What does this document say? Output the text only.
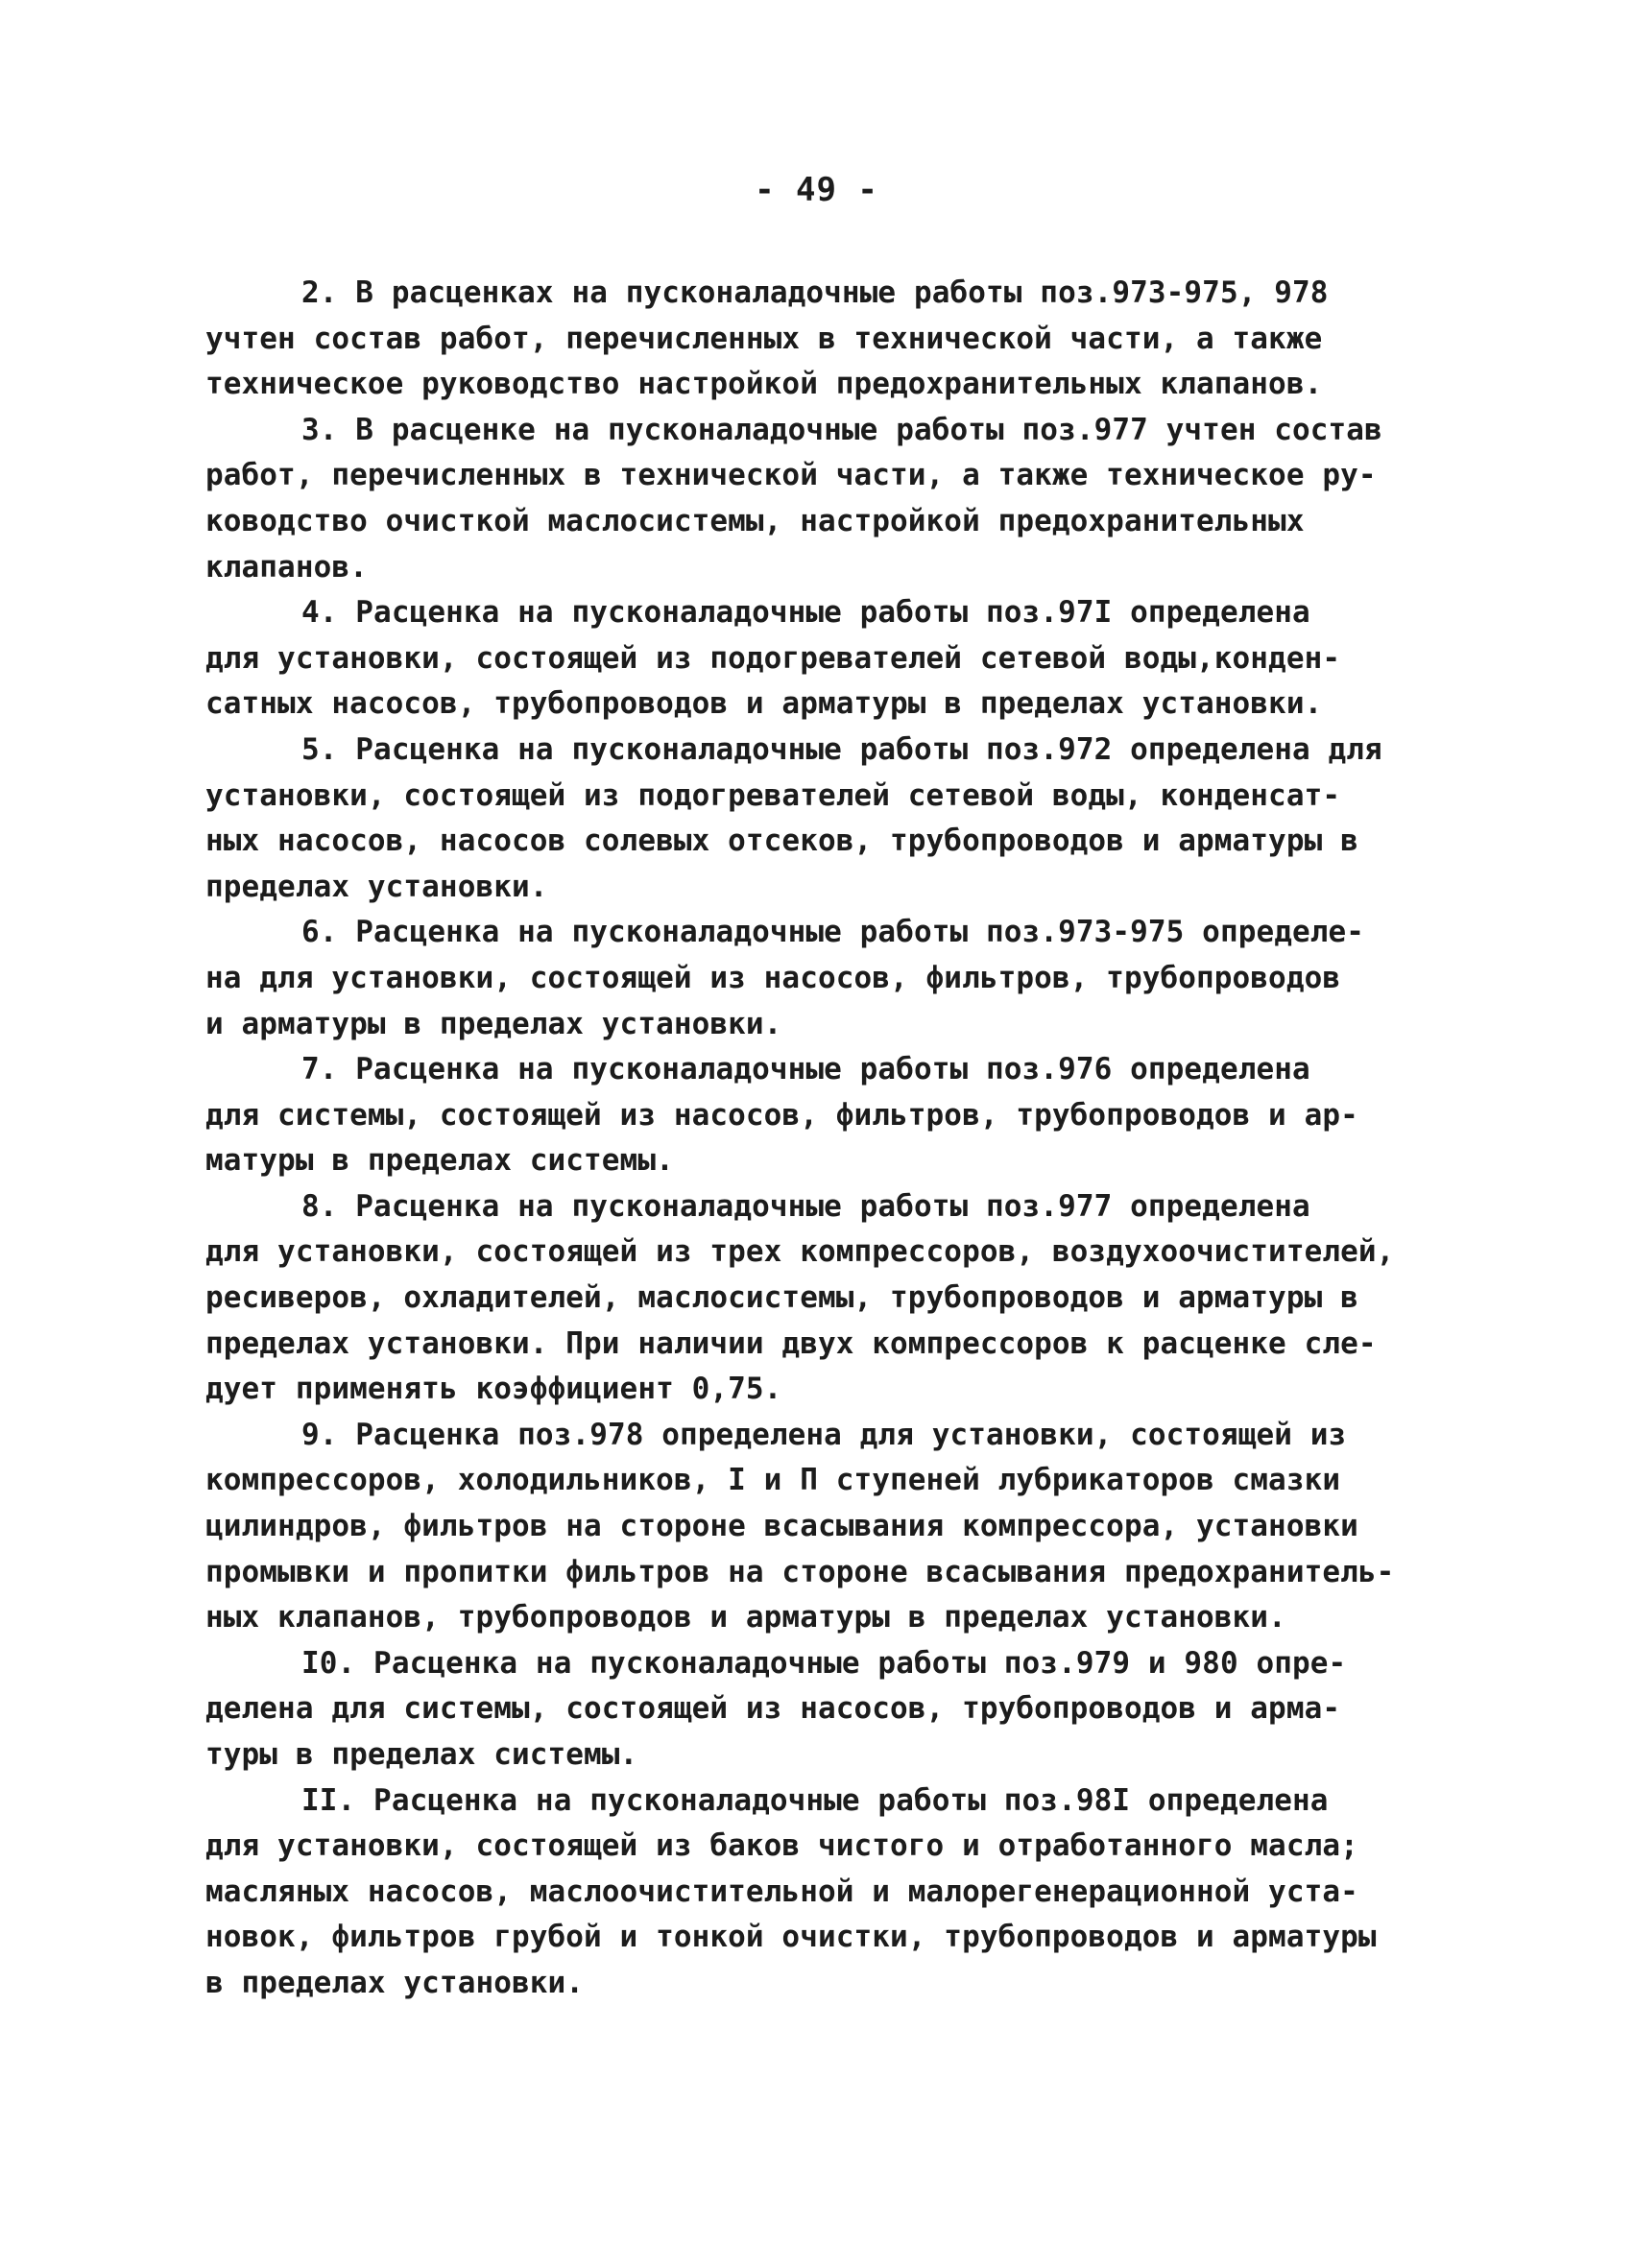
- 49 -
2. В расценках на пусконаладочные работы поз.973-975, 978
учтен состав работ, перечисленных в технической части, а также
техническое руководство настройкой предохранительных клапанов.
3. В расценке на пусконаладочные работы поз.977 учтен состав
работ, перечисленных в технической части, а также техническое ру-
ководство очисткой маслосистемы, настройкой предохранительных
клапанов.
4. Расценка на пусконаладочные работы поз.97I определена
для установки, состоящей из подогревателей сетевой воды,конден-
сатных насосов, трубопроводов и арматуры в пределах установки.
5. Расценка на пусконаладочные работы поз.972 определена для
установки, состоящей из подогревателей сетевой воды, конденсат-
ных насосов, насосов солевых отсеков, трубопроводов и арматуры в
пределах установки.
6. Расценка на пусконаладочные работы поз.973-975 определе-
на для установки, состоящей из насосов, фильтров, трубопроводов
и арматуры в пределах установки.
7. Расценка на пусконаладочные работы поз.976 определена
для системы, состоящей из насосов, фильтров, трубопроводов и ар-
матуры в пределах системы.
8. Расценка на пусконаладочные работы поз.977 определена
для установки, состоящей из трех компрессоров, воздухоочистителей,
ресиверов, охладителей, маслосистемы, трубопроводов и арматуры в
пределах установки. При наличии двух компрессоров к расценке сле-
дует применять коэффициент 0,75.
9. Расценка поз.978 определена для установки, состоящей из
компрессоров, холодильников, I и П ступеней лубрикаторов смазки
цилиндров, фильтров на стороне всасывания компрессора, установки
промывки и пропитки фильтров на стороне всасывания предохранитель-
ных клапанов, трубопроводов и арматуры в пределах установки.
I0. Расценка на пусконаладочные работы поз.979 и 980 опре-
делена для системы, состоящей из насосов, трубопроводов и арма-
туры в пределах системы.
II. Расценка на пусконаладочные работы поз.98I определена
для установки, состоящей из баков чистого и отработанного масла;
масляных насосов, маслоочистительной и малорегенерационной уста-
новок, фильтров грубой и тонкой очистки, трубопроводов и арматуры
в пределах установки.
